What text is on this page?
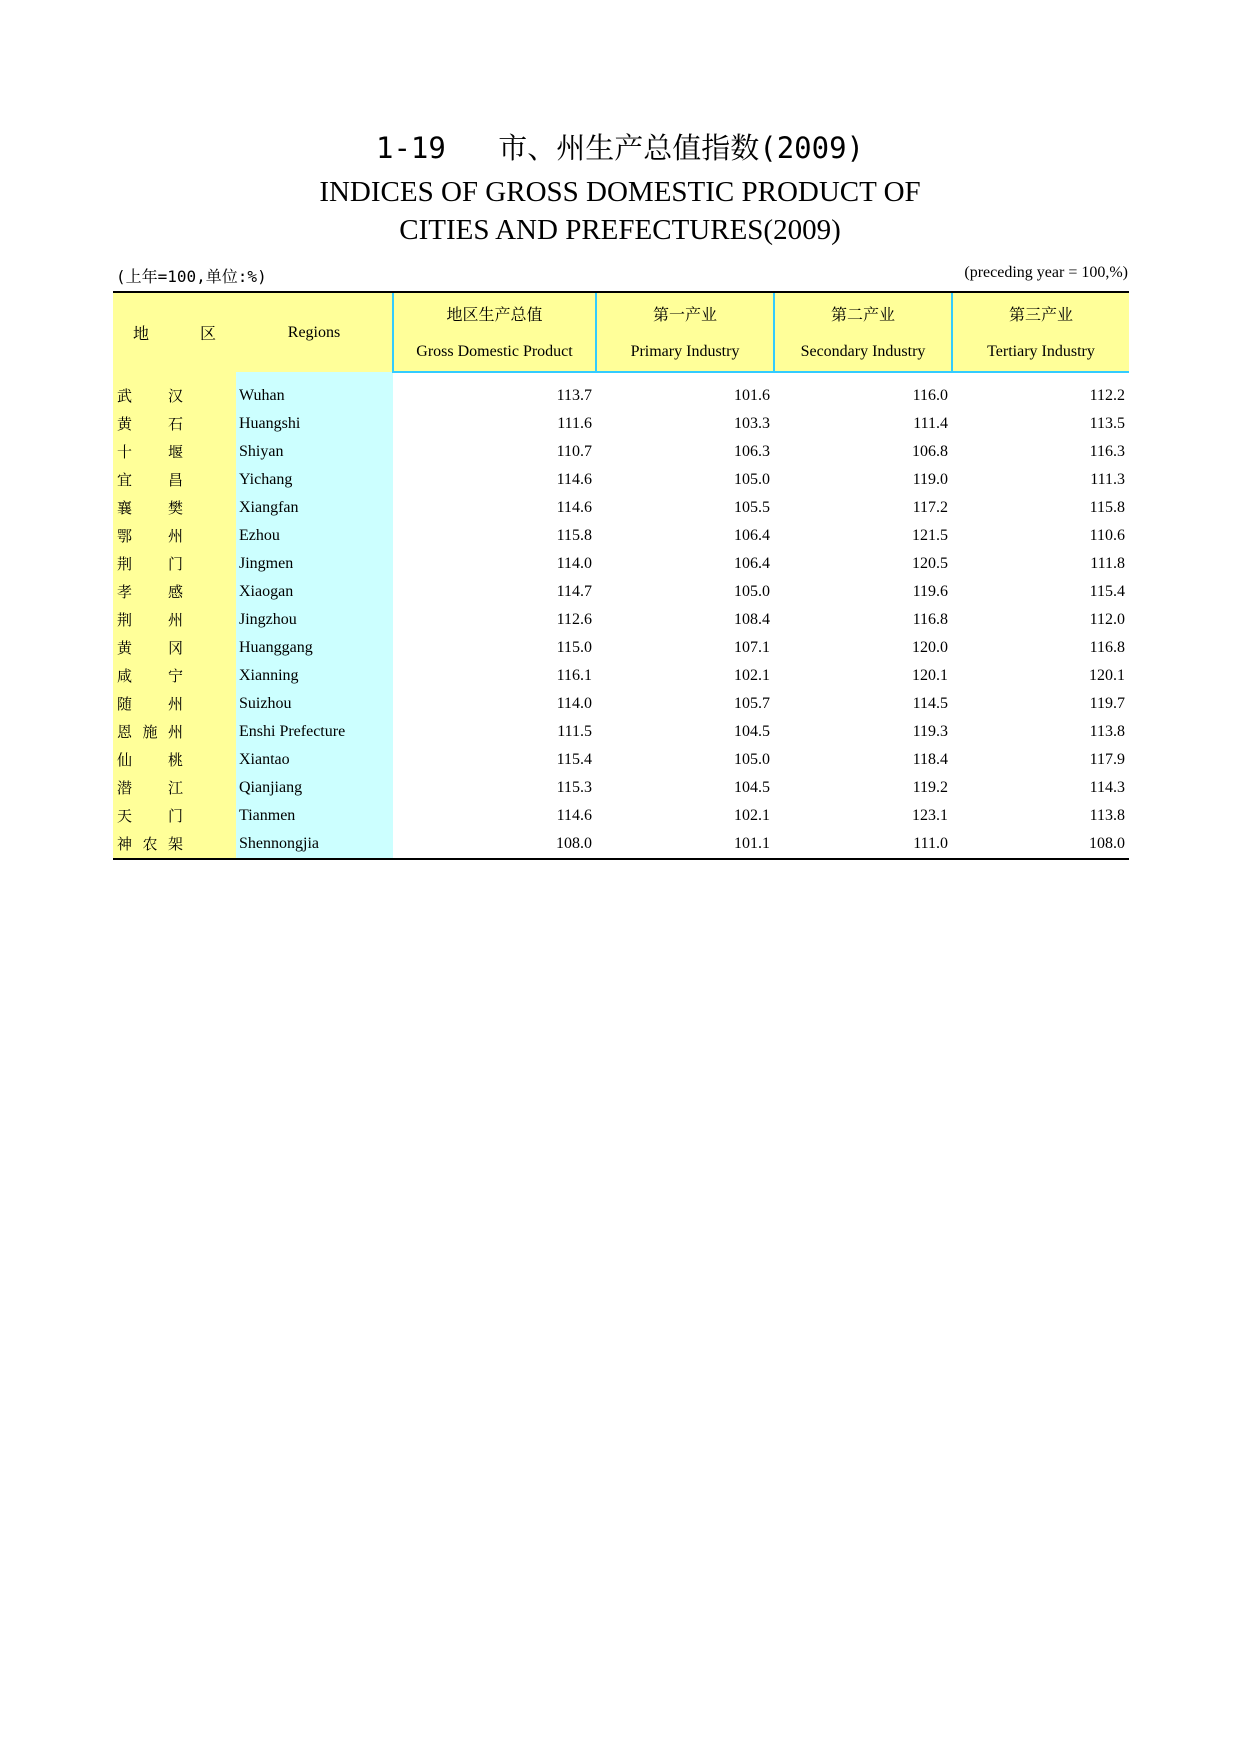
1-19 市、州生产总值指数(2009)
INDICES OF GROSS DOMESTIC PRODUCT OF
CITIES AND PREFECTURES(2009)
(上年=100,单位:%)	(preceding year = 100,%)
地 区	Regions	地区生产总值	第一产业	第二产业	第三产业
		Gross Domestic Product	Primary Industry	Secondary Industry	Tertiary Industry

武 汉	Wuhan	113.7	101.6	116.0	112.2

黄 石	Huangshi	111.6	103.3	111.4	113.5

十 堰	Shiyan	110.7	106.3	106.8	116.3

宜 昌	Yichang	114.6	105.0	119.0	111.3

襄 樊	Xiangfan	114.6	105.5	117.2	115.8

鄂 州	Ezhou	115.8	106.4	121.5	110.6

荆 门	Jingmen	114.0	106.4	120.5	111.8

孝 感	Xiaogan	114.7	105.0	119.6	115.4

荆 州	Jingzhou	112.6	108.4	116.8	112.0

黄 冈	Huanggang	115.0	107.1	120.0	116.8

咸 宁	Xianning	116.1	102.1	120.1	120.1

随 州	Suizhou	114.0	105.7	114.5	119.7

恩 施 州	Enshi Prefecture	111.5	104.5	119.3	113.8

仙 桃	Xiantao	115.4	105.0	118.4	117.9

潜 江	Qianjiang	115.3	104.5	119.2	114.3

天 门	Tianmen	114.6	102.1	123.1	113.8

神 农 架	Shennongjia	108.0	101.1	111.0	108.0
